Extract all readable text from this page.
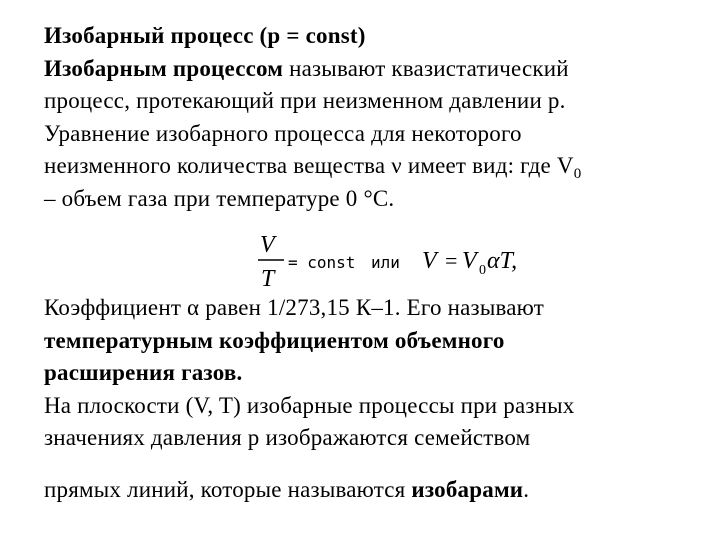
Изобарный процесс (p = const)
Изобарным процессом называют квазистатический
процесс, протекающий при неизменном давлении p.
Уравнение изобарного процесса для некоторого
неизменного количества вещества ν имеет вид: где $V_0$
– объем газа при температуре 0 °C.
V
T
= const или V = V 0 αT,
Коэффициент α равен 1/273,15 К–1. Его называют
температурным коэффициентом объемного
расширения газов.
На плоскости (V, T) изобарные процессы при разных
значениях давления p изображаются семейством
прямых линий, которые называются изобарами.
